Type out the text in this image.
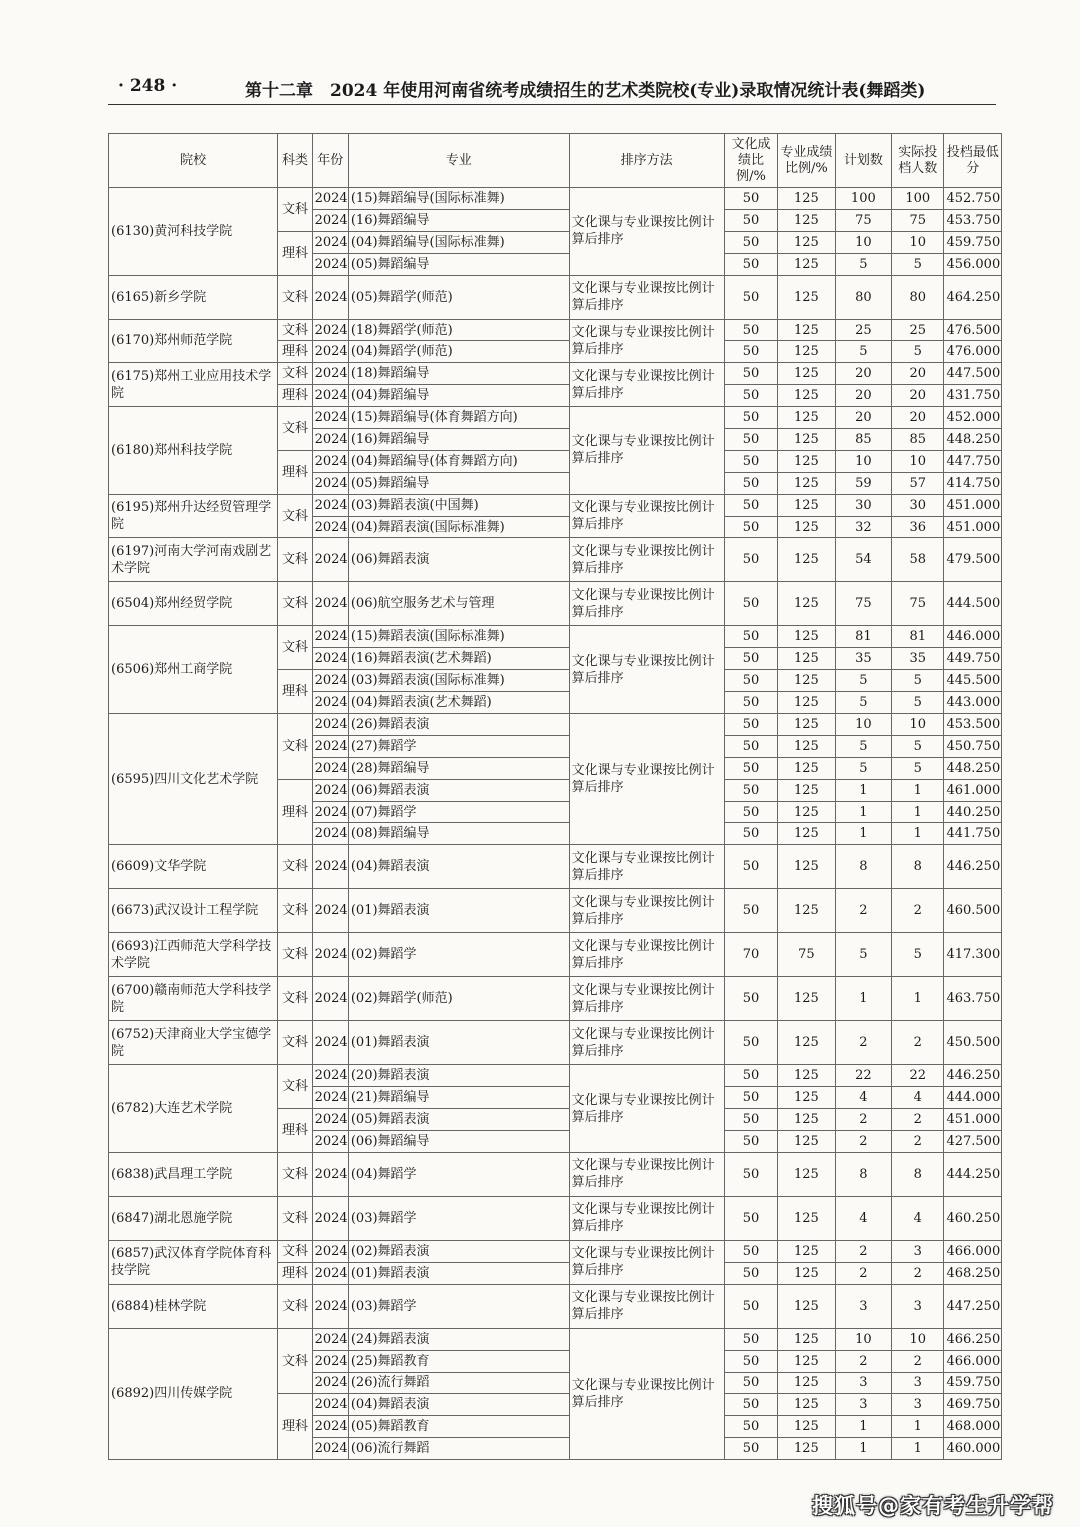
· 248 ·	第十二章　2024 年使用河南省统考成绩招生的艺术类院校(专业)录取情况统计表(舞蹈类)
院校	科类	年份	专业	排序方法	文化成绩比例/%	专业成绩比例/%	计划数	实际投档人数	投档最低分
(6130)黄河科技学院	文科	2024	(15)舞蹈编导(国际标准舞)	文化课与专业课按比例计算后排序	50	125	100	100	452.750
		2024	(16)舞蹈编导		50	125	75	75	453.750
	理科	2024	(04)舞蹈编导(国际标准舞)		50	125	10	10	459.750
		2024	(05)舞蹈编导		50	125	5	5	456.000
(6165)新乡学院	文科	2024	(05)舞蹈学(师范)	文化课与专业课按比例计算后排序	50	125	80	80	464.250
(6170)郑州师范学院	文科	2024	(18)舞蹈学(师范)	文化课与专业课按比例计算后排序	50	125	25	25	476.500
	理科	2024	(04)舞蹈学(师范)		50	125	5	5	476.000
(6175)郑州工业应用技术学院	文科	2024	(18)舞蹈编导	文化课与专业课按比例计算后排序	50	125	20	20	447.500
	理科	2024	(04)舞蹈编导		50	125	20	20	431.750
(6180)郑州科技学院	文科	2024	(15)舞蹈编导(体育舞蹈方向)	文化课与专业课按比例计算后排序	50	125	20	20	452.000
		2024	(16)舞蹈编导		50	125	85	85	448.250
	理科	2024	(04)舞蹈编导(体育舞蹈方向)		50	125	10	10	447.750
		2024	(05)舞蹈编导		50	125	59	57	414.750
(6195)郑州升达经贸管理学院	文科	2024	(03)舞蹈表演(中国舞)	文化课与专业课按比例计算后排序	50	125	30	30	451.000
		2024	(04)舞蹈表演(国际标准舞)		50	125	32	36	451.000
(6197)河南大学河南戏剧艺术学院	文科	2024	(06)舞蹈表演	文化课与专业课按比例计算后排序	50	125	54	58	479.500
(6504)郑州经贸学院	文科	2024	(06)航空服务艺术与管理	文化课与专业课按比例计算后排序	50	125	75	75	444.500
(6506)郑州工商学院	文科	2024	(15)舞蹈表演(国际标准舞)	文化课与专业课按比例计算后排序	50	125	81	81	446.000
		2024	(16)舞蹈表演(艺术舞蹈)		50	125	35	35	449.750
	理科	2024	(03)舞蹈表演(国际标准舞)		50	125	5	5	445.500
		2024	(04)舞蹈表演(艺术舞蹈)		50	125	5	5	443.000
(6595)四川文化艺术学院	文科	2024	(26)舞蹈表演	文化课与专业课按比例计算后排序	50	125	10	10	453.500
		2024	(27)舞蹈学		50	125	5	5	450.750
		2024	(28)舞蹈编导		50	125	5	5	448.250
	理科	2024	(06)舞蹈表演		50	125	1	1	461.000
		2024	(07)舞蹈学		50	125	1	1	440.250
		2024	(08)舞蹈编导		50	125	1	1	441.750
(6609)文华学院	文科	2024	(04)舞蹈表演	文化课与专业课按比例计算后排序	50	125	8	8	446.250
(6673)武汉设计工程学院	文科	2024	(01)舞蹈表演	文化课与专业课按比例计算后排序	50	125	2	2	460.500
(6693)江西师范大学科学技术学院	文科	2024	(02)舞蹈学	文化课与专业课按比例计算后排序	70	75	5	5	417.300
(6700)赣南师范大学科技学院	文科	2024	(02)舞蹈学(师范)	文化课与专业课按比例计算后排序	50	125	1	1	463.750
(6752)天津商业大学宝德学院	文科	2024	(01)舞蹈表演	文化课与专业课按比例计算后排序	50	125	2	2	450.500
(6782)大连艺术学院	文科	2024	(20)舞蹈表演	文化课与专业课按比例计算后排序	50	125	22	22	446.250
		2024	(21)舞蹈编导		50	125	4	4	444.000
	理科	2024	(05)舞蹈表演		50	125	2	2	451.000
		2024	(06)舞蹈编导		50	125	2	2	427.500
(6838)武昌理工学院	文科	2024	(04)舞蹈学	文化课与专业课按比例计算后排序	50	125	8	8	444.250
(6847)湖北恩施学院	文科	2024	(03)舞蹈学	文化课与专业课按比例计算后排序	50	125	4	4	460.250
(6857)武汉体育学院体育科技学院	文科	2024	(02)舞蹈表演	文化课与专业课按比例计算后排序	50	125	2	3	466.000
	理科	2024	(01)舞蹈表演		50	125	2	2	468.250
(6884)桂林学院	文科	2024	(03)舞蹈学	文化课与专业课按比例计算后排序	50	125	3	3	447.250
(6892)四川传媒学院	文科	2024	(24)舞蹈表演	文化课与专业课按比例计算后排序	50	125	10	10	466.250
		2024	(25)舞蹈教育		50	125	2	2	466.000
		2024	(26)流行舞蹈		50	125	3	3	459.750
	理科	2024	(04)舞蹈表演		50	125	3	3	469.750
		2024	(05)舞蹈教育		50	125	1	1	468.000
		2024	(06)流行舞蹈		50	125	1	1	460.000
搜狐号@家有考生升学帮
